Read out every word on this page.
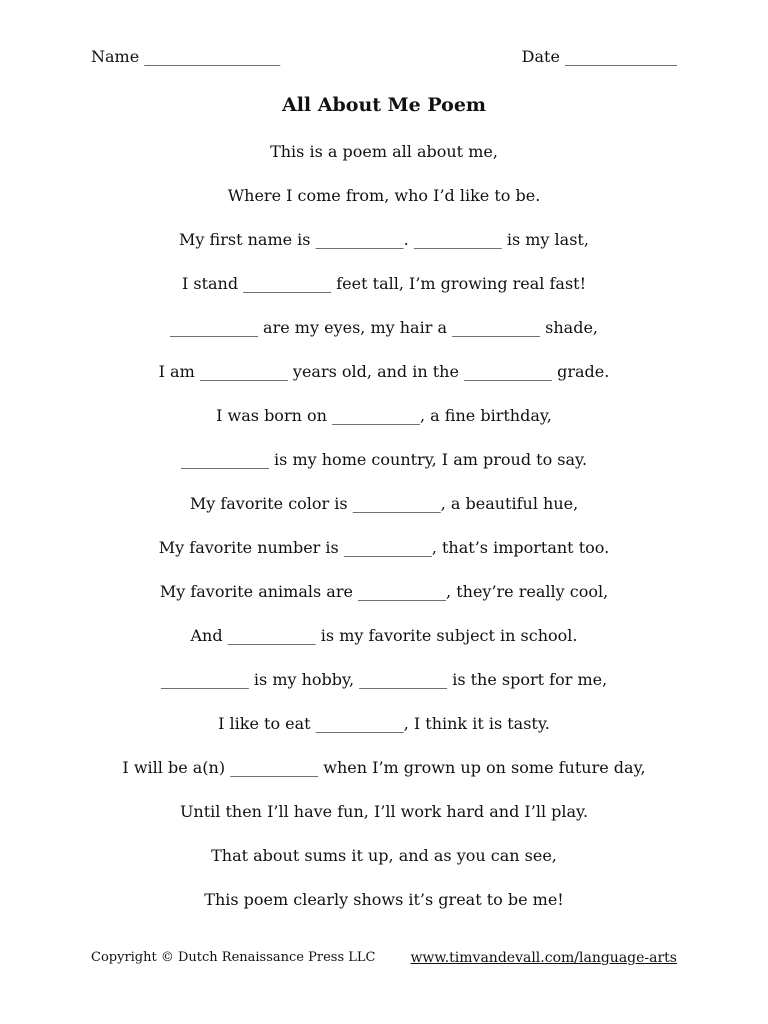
Name _________________	Date ______________
All About Me Poem
This is a poem all about me,
Where I come from, who I’d like to be.
My first name is ___________. ___________ is my last,
I stand ___________ feet tall, I’m growing real fast!
___________ are my eyes, my hair a ___________ shade,
I am ___________ years old, and in the ___________ grade.
I was born on ___________, a fine birthday,
___________ is my home country, I am proud to say.
My favorite color is ___________, a beautiful hue,
My favorite number is ___________, that’s important too.
My favorite animals are ___________, they’re really cool,
And ___________ is my favorite subject in school.
___________ is my hobby, ___________ is the sport for me,
I like to eat ___________, I think it is tasty.
I will be a(n) ___________ when I’m grown up on some future day,
Until then I’ll have fun, I’ll work hard and I’ll play.
That about sums it up, and as you can see,
This poem clearly shows it’s great to be me!
Copyright © Dutch Renaissance Press LLC www.timvandevall.com/language-arts
